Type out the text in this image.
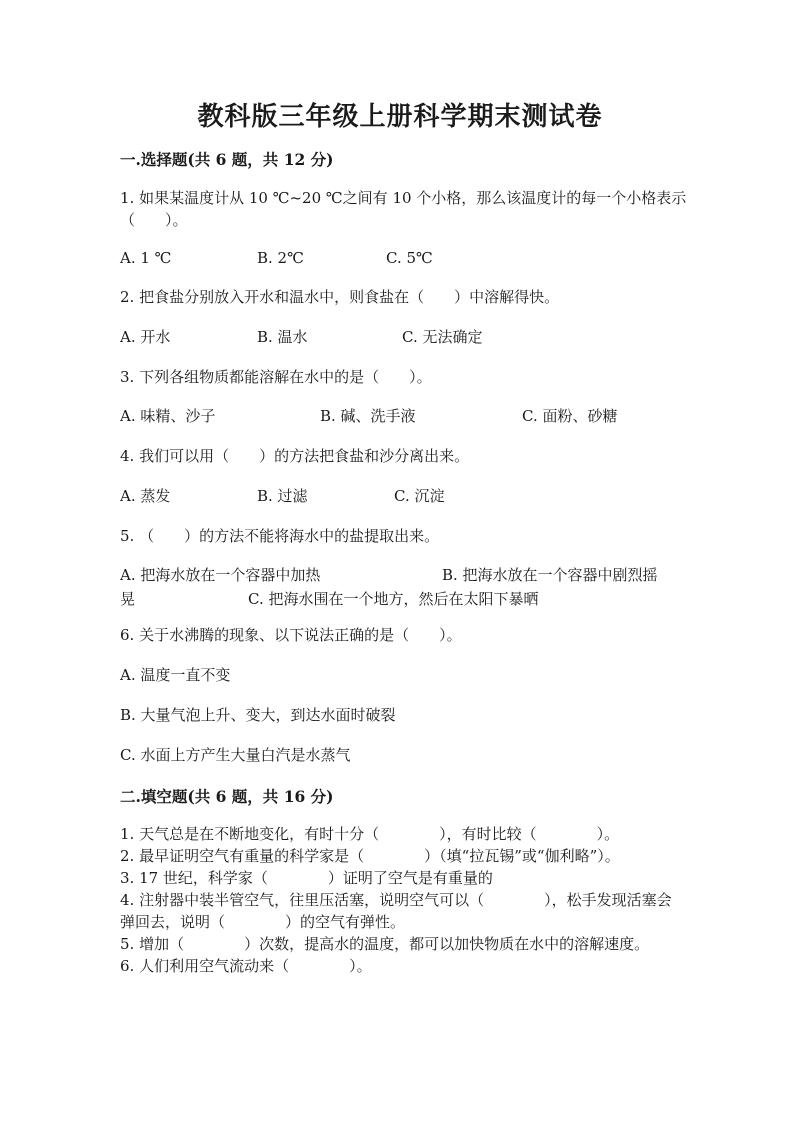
教科版三年级上册科学期末测试卷
一.选择题(共 6 题，共 12 分)
1. 如果某温度计从 10 ℃~20 ℃之间有 10 个小格，那么该温度计的每一个小格表示（　　）。
A. 1 ℃	B. 2℃	C. 5℃
2. 把食盐分别放入开水和温水中，则食盐在（　　）中溶解得快。
A. 开水	B. 温水	C. 无法确定
3. 下列各组物质都能溶解在水中的是（　　）。
A. 味精、沙子	B. 碱、洗手液	C. 面粉、砂糖
4. 我们可以用（　　）的方法把食盐和沙分离出来。
A. 蒸发	B. 过滤	C. 沉淀
5. （　　）的方法不能将海水中的盐提取出来。
A. 把海水放在一个容器中加热	B. 把海水放在一个容器中剧烈摇
晃	C. 把海水围在一个地方，然后在太阳下暴晒
6. 关于水沸腾的现象、以下说法正确的是（　　）。
A. 温度一直不变
B. 大量气泡上升、变大，到达水面时破裂
C. 水面上方产生大量白汽是水蒸气
二.填空题(共 6 题，共 16 分)
1. 天气总是在不断地变化，有时十分（　　　　），有时比较（　　　　）。
2. 最早证明空气有重量的科学家是（　　　　）（填“拉瓦锡”或“伽利略”）。
3. 17 世纪，科学家（　　　　）证明了空气是有重量的
4. 注射器中装半管空气，往里压活塞，说明空气可以（　　　　），松手发现活塞会弹回去，说明（　　　　）的空气有弹性。
5. 增加（　　　　）次数，提高水的温度，都可以加快物质在水中的溶解速度。
6. 人们利用空气流动来（　　　　）。
